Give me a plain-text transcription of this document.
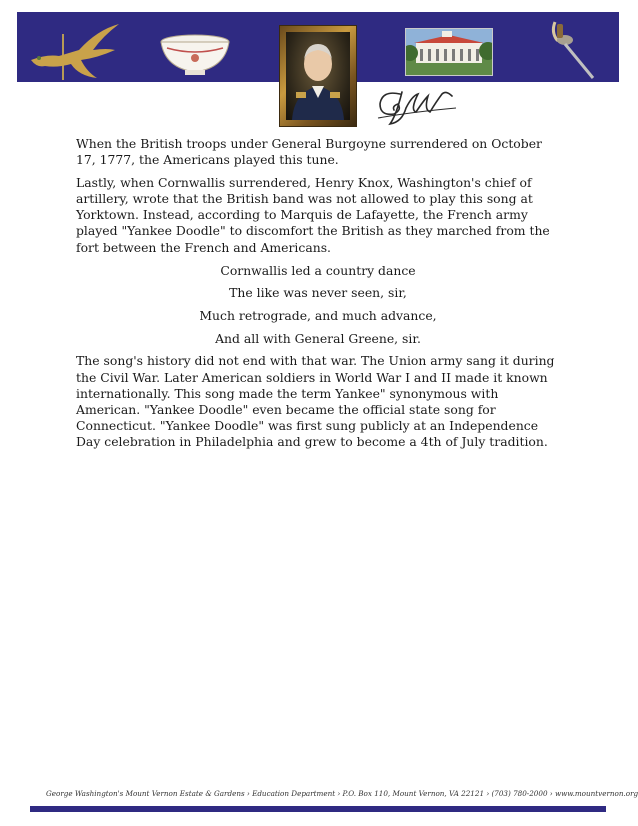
When the British troops under General Burgoyne surrendered on October 17, 1777, the Americans played this tune.

Lastly, when Cornwallis surrendered, Henry Knox, Washington's chief of artillery, wrote that the British band was not allowed to play this song at Yorktown. Instead, according to Marquis de Lafayette, the French army played "Yankee Doodle" to discomfort the British as they marched from the fort between the French and Americans.

Cornwallis led a country dance

The like was never seen, sir,

Much retrograde, and much advance,

And all with General Greene, sir.

The song's history did not end with that war. The Union army sang it during the Civil War. Later American soldiers in World War I and II made it known internationally. This song made the term Yankee" synonymous with American. "Yankee Doodle" even became the official state song for Connecticut. "Yankee Doodle" was first sung publicly at an Independence Day celebration in Philadelphia and grew to become a 4th of July tradition.

George Washington's Mount Vernon Estate & Gardens › Education Department › P.O. Box 110, Mount Vernon, VA 22121 › (703) 780-2000 › www.mountvernon.org
